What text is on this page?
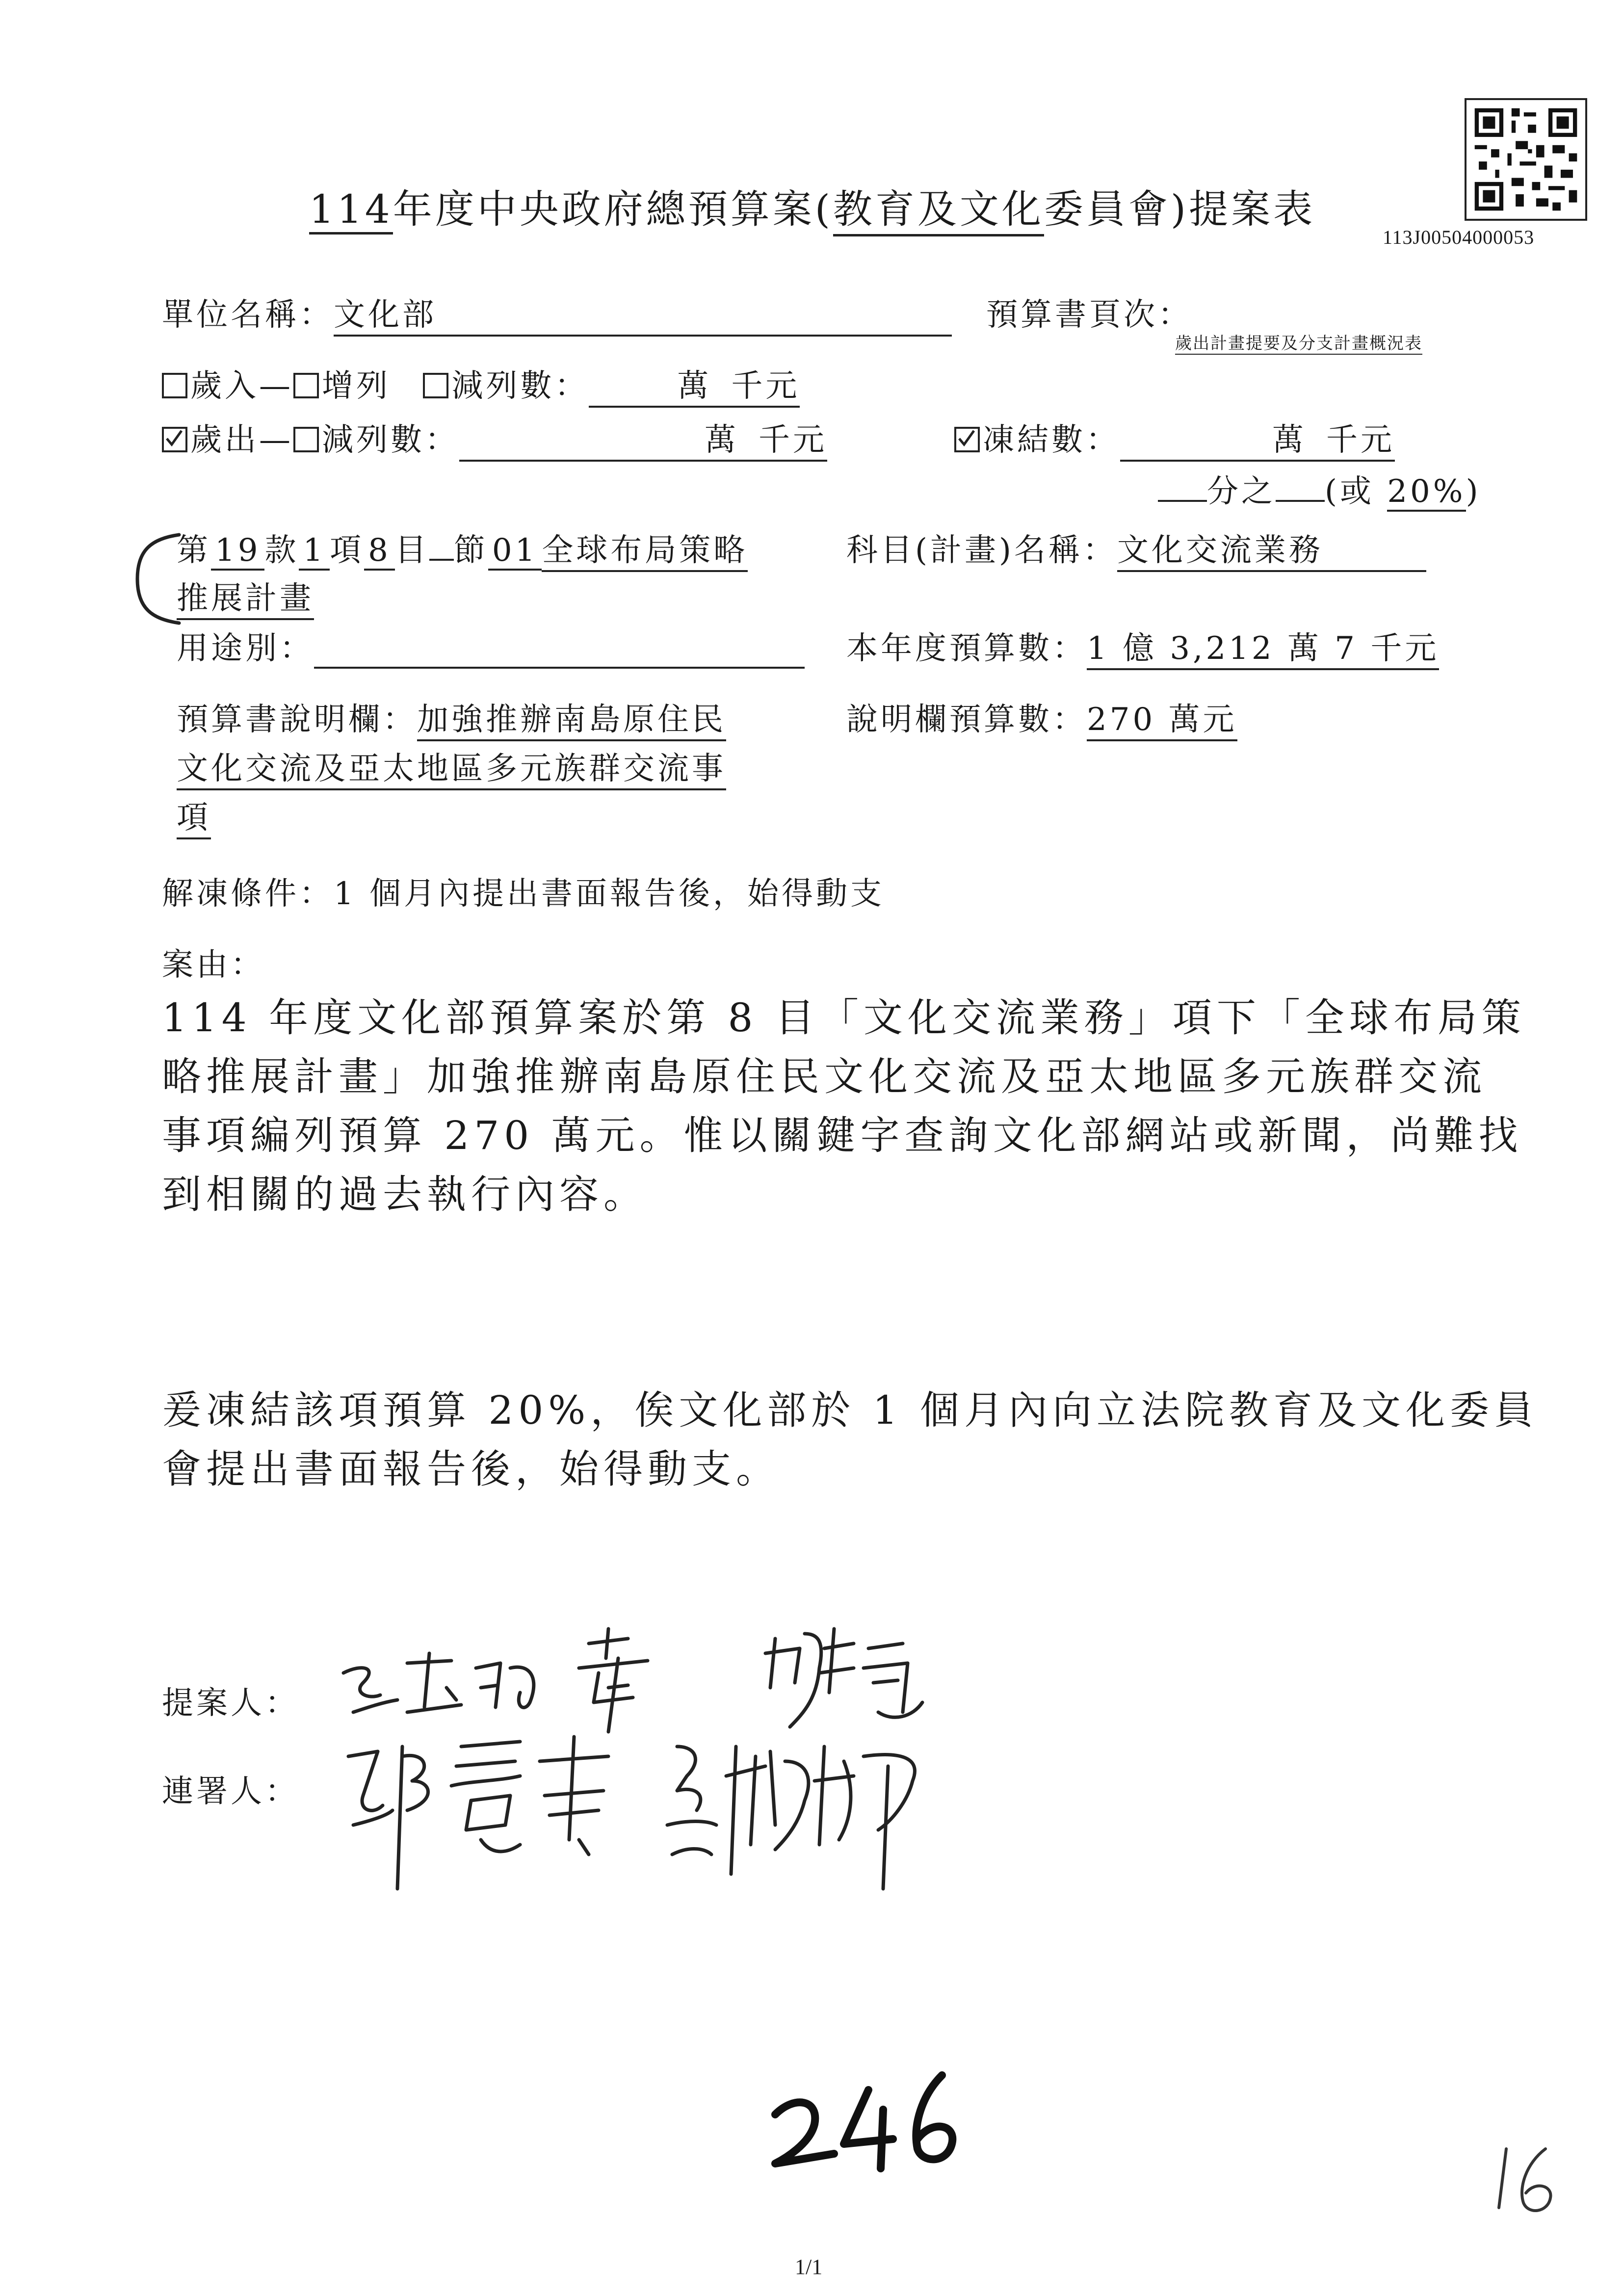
113J00504000053
114年度中央政府總預算案(教育及文化委員會)提案表
單位名稱：文化部	預算書頁次：
歲出計畫提要及分支計畫概況表
歲入— 增列 減列數：	萬 千元
歲出— 減列數：	萬 千元	凍結數：	萬 千元
分之 (或 20%)
第 19 款 1 項 8 目 節 01 全球布局策略
推展計畫
科目(計畫)名稱：文化交流業務
用途別：	本年度預算數：1 億 3,212 萬 7 千元
預算書說明欄：加強推辦南島原住民
文化交流及亞太地區多元族群交流事
項
說明欄預算數：270 萬元
解凍條件：1 個月內提出書面報告後，始得動支
案由：
114 年度文化部預算案於第 8 目「文化交流業務」項下「全球布局策
略推展計畫」加強推辦南島原住民文化交流及亞太地區多元族群交流
事項編列預算 270 萬元。惟以關鍵字查詢文化部網站或新聞，尚難找
到相關的過去執行內容。
爰凍結該項預算 20%，俟文化部於 1 個月內向立法院教育及文化委員
會提出書面報告後，始得動支。
提案人：
連署人：
1/1
